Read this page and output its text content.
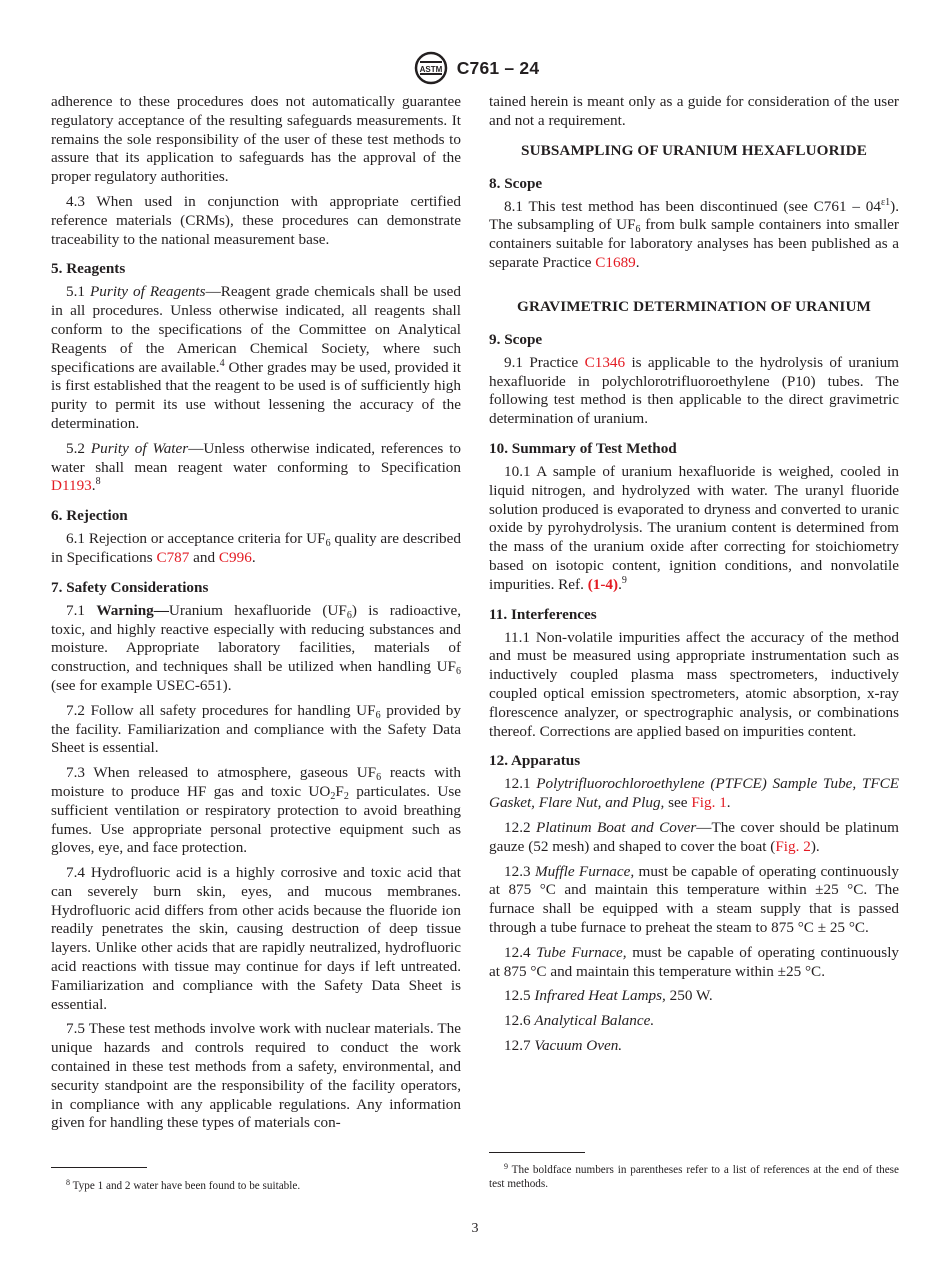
ASTM C761 – 24

adherence to these procedures does not automatically guarantee regulatory acceptance of the resulting safeguards measurements. It remains the sole responsibility of the user of these test methods to assure that its application to safeguards has the approval of the proper regulatory authorities.

4.3 When used in conjunction with appropriate certified reference materials (CRMs), these procedures can demonstrate traceability to the national measurement base.

5. Reagents

5.1 Purity of Reagents—Reagent grade chemicals shall be used in all procedures. Unless otherwise indicated, all reagents shall conform to the specifications of the Committee on Analytical Reagents of the American Chemical Society, where such specifications are available.$^4$ Other grades may be used, provided it is first established that the reagent to be used is of sufficiently high purity to permit its use without lessening the accuracy of the determination.

5.2 Purity of Water—Unless otherwise indicated, references to water shall mean reagent water conforming to Specification D1193.$^8$

6. Rejection

6.1 Rejection or acceptance criteria for $UF_6$ quality are described in Specifications C787 and C996.

7. Safety Considerations

7.1 Warning—Uranium hexafluoride $(UF_6)$ is radioactive, toxic, and highly reactive especially with reducing substances and moisture. Appropriate laboratory facilities, materials of construction, and techniques shall be utilized when handling $UF_6$ (see for example USEC-651).

7.2 Follow all safety procedures for handling $UF_6$ provided by the facility. Familiarization and compliance with the Safety Data Sheet is essential.

7.3 When released to atmosphere, gaseous $UF_6$ reacts with moisture to produce HF gas and toxic $UO_2F_2$ particulates. Use sufficient ventilation or respiratory protection to avoid breathing fumes. Use appropriate personal protective equipment such as gloves, eye, and face protection.

7.4 Hydrofluoric acid is a highly corrosive and toxic acid that can severely burn skin, eyes, and mucous membranes. Hydrofluoric acid differs from other acids because the fluoride ion readily penetrates the skin, causing destruction of deep tissue layers. Unlike other acids that are rapidly neutralized, hydrofluoric acid reactions with tissue may continue for days if left untreated. Familiarization and compliance with the Safety Data Sheet is essential.

7.5 These test methods involve work with nuclear materials. The unique hazards and controls required to conduct the work contained in these test methods from a safety, environmental, and security standpoint are the responsibility of the facility operators, in compliance with any applicable regulations. Any information given for handling these types of materials con-

$^8$ Type 1 and 2 water have been found to be suitable.

tained herein is meant only as a guide for consideration of the user and not a requirement.

SUBSAMPLING OF URANIUM HEXAFLUORIDE
8. Scope

8.1 This test method has been discontinued (see $C761 - 04^{\varepsilon 1}$). The subsampling of $UF_6$ from bulk sample containers into smaller containers suitable for laboratory analyses has been published as a separate Practice C1689.

GRAVIMETRIC DETERMINATION OF URANIUM
9. Scope

9.1 Practice C1346 is applicable to the hydrolysis of uranium hexafluoride in polychlorotrifluoroethylene (P10) tubes. The following test method is then applicable to the direct gravimetric determination of uranium.

10. Summary of Test Method

10.1 A sample of uranium hexafluoride is weighed, cooled in liquid nitrogen, and hydrolyzed with water. The uranyl fluoride solution produced is evaporated to dryness and converted to uranic oxide by pyrohydrolysis. The uranium content is determined from the mass of the uranium oxide after correcting for stoichiometry based on isotopic content, ignition conditions, and nonvolatile impurities. Ref. (1-4).$^9$

11. Interferences

11.1 Non-volatile impurities affect the accuracy of the method and must be measured using appropriate instrumentation such as inductively coupled plasma mass spectrometers, inductively coupled optical emission spectrometers, atomic absorption, x-ray florescence analyzer, or spectrographic analysis, or combinations thereof. Corrections are applied based on impurities content.

12. Apparatus

12.1 Polytrifluorochloroethylene (PTFCE) Sample Tube, TFCE Gasket, Flare Nut, and Plug, see Fig. 1.

12.2 Platinum Boat and Cover—The cover should be platinum gauze (52 mesh) and shaped to cover the boat (Fig. 2).

12.3 Muffle Furnace, must be capable of operating continuously at 875 °C and maintain this temperature within ±25 °C. The furnace shall be equipped with a steam supply that is passed through a tube furnace to preheat the steam to 875 °C ± 25 °C.

12.4 Tube Furnace, must be capable of operating continuously at 875 °C and maintain this temperature within ±25 °C.

12.5 Infrared Heat Lamps, 250 W.

12.6 Analytical Balance.

12.7 Vacuum Oven.

$^9$ The boldface numbers in parentheses refer to a list of references at the end of these test methods.
3
